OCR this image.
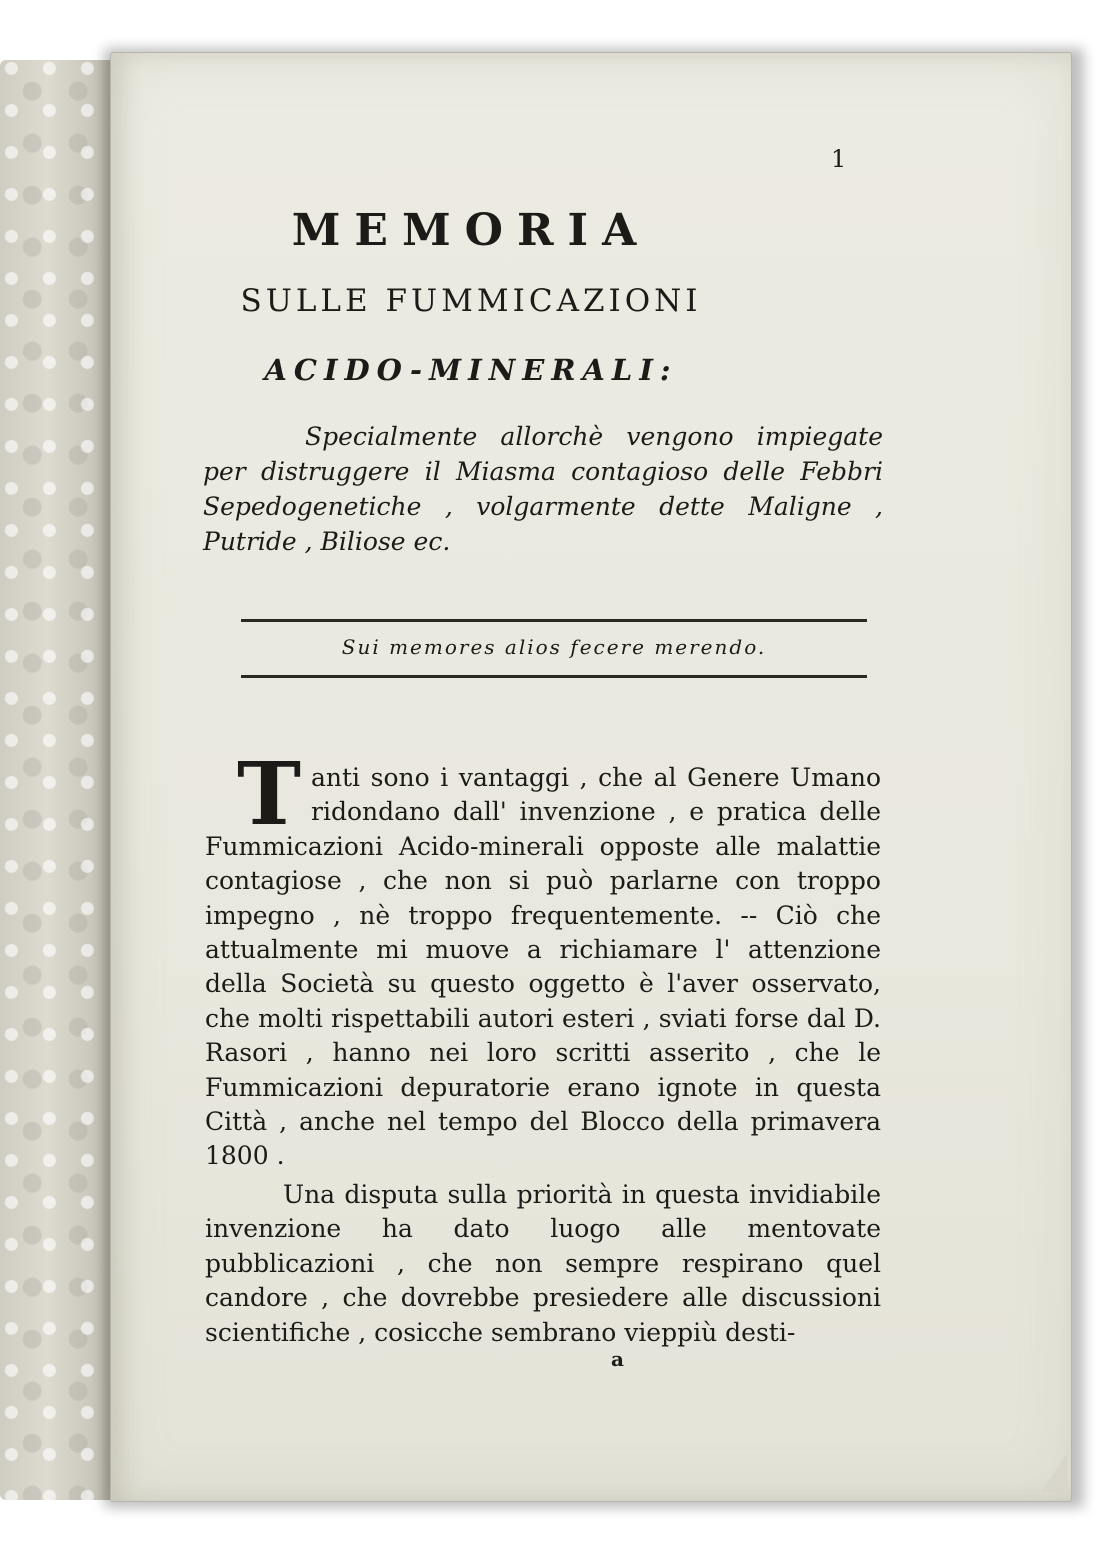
1
MEMORIA
SULLE FUMMICAZIONI
ACIDO-MINERALI:
Specialmente allorchè vengono impiegate per distruggere il Miasma contagioso delle Febbri Sepedogenetiche , volgarmente dette Maligne , Putride , Biliose ec.
Sui memores alios fecere merendo.

Tanti sono i vantaggi , che al Genere Umano ridondano dall' invenzione , e pratica delle Fummicazioni Acido-minerali opposte alle malattie contagiose , che non si può parlarne con troppo impegno , nè troppo frequentemente. -- Ciò che attualmente mi muove a richiamare l' attenzione della Società su questo oggetto è l'aver osservato, che molti rispettabili autori esteri , sviati forse dal D. Rasori , hanno nei loro scritti asserito , che le Fummicazioni depuratorie erano ignote in questa Città , anche nel tempo del Blocco della primavera 1800 .

Una disputa sulla priorità in questa invidiabile invenzione ha dato luogo alle mentovate pubblicazioni , che non sempre respirano quel candore , che dovrebbe presiedere alle discussioni scientifiche , cosicche sembrano vieppiù desti-

a
